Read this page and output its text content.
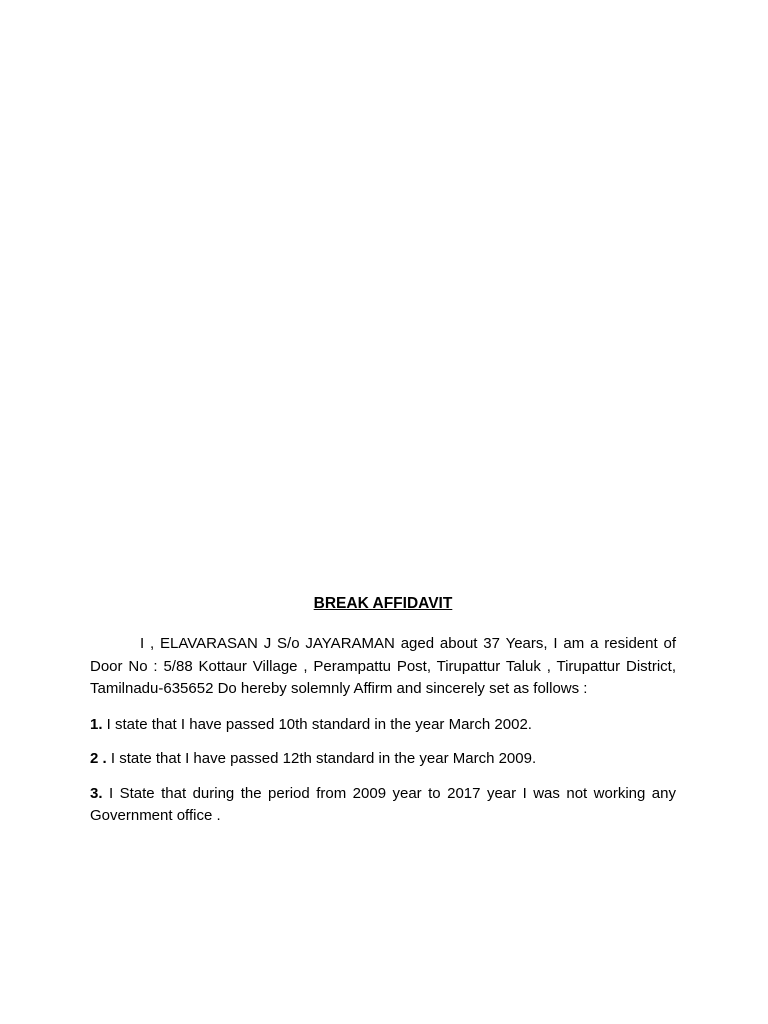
BREAK AFFIDAVIT

I , ELAVARASAN J S/o JAYARAMAN aged about 37 Years, I am a resident of Door No : 5/88 Kottaur Village , Perampattu Post, Tirupattur Taluk , Tirupattur District, Tamilnadu-635652 Do hereby solemnly Affirm and sincerely set as follows :

1. I state that I have passed 10th standard in the year March 2002.

2 . I state that I have passed 12th standard in the year March 2009.

3. I State that during the period from 2009 year to 2017 year I was not working any Government office .
